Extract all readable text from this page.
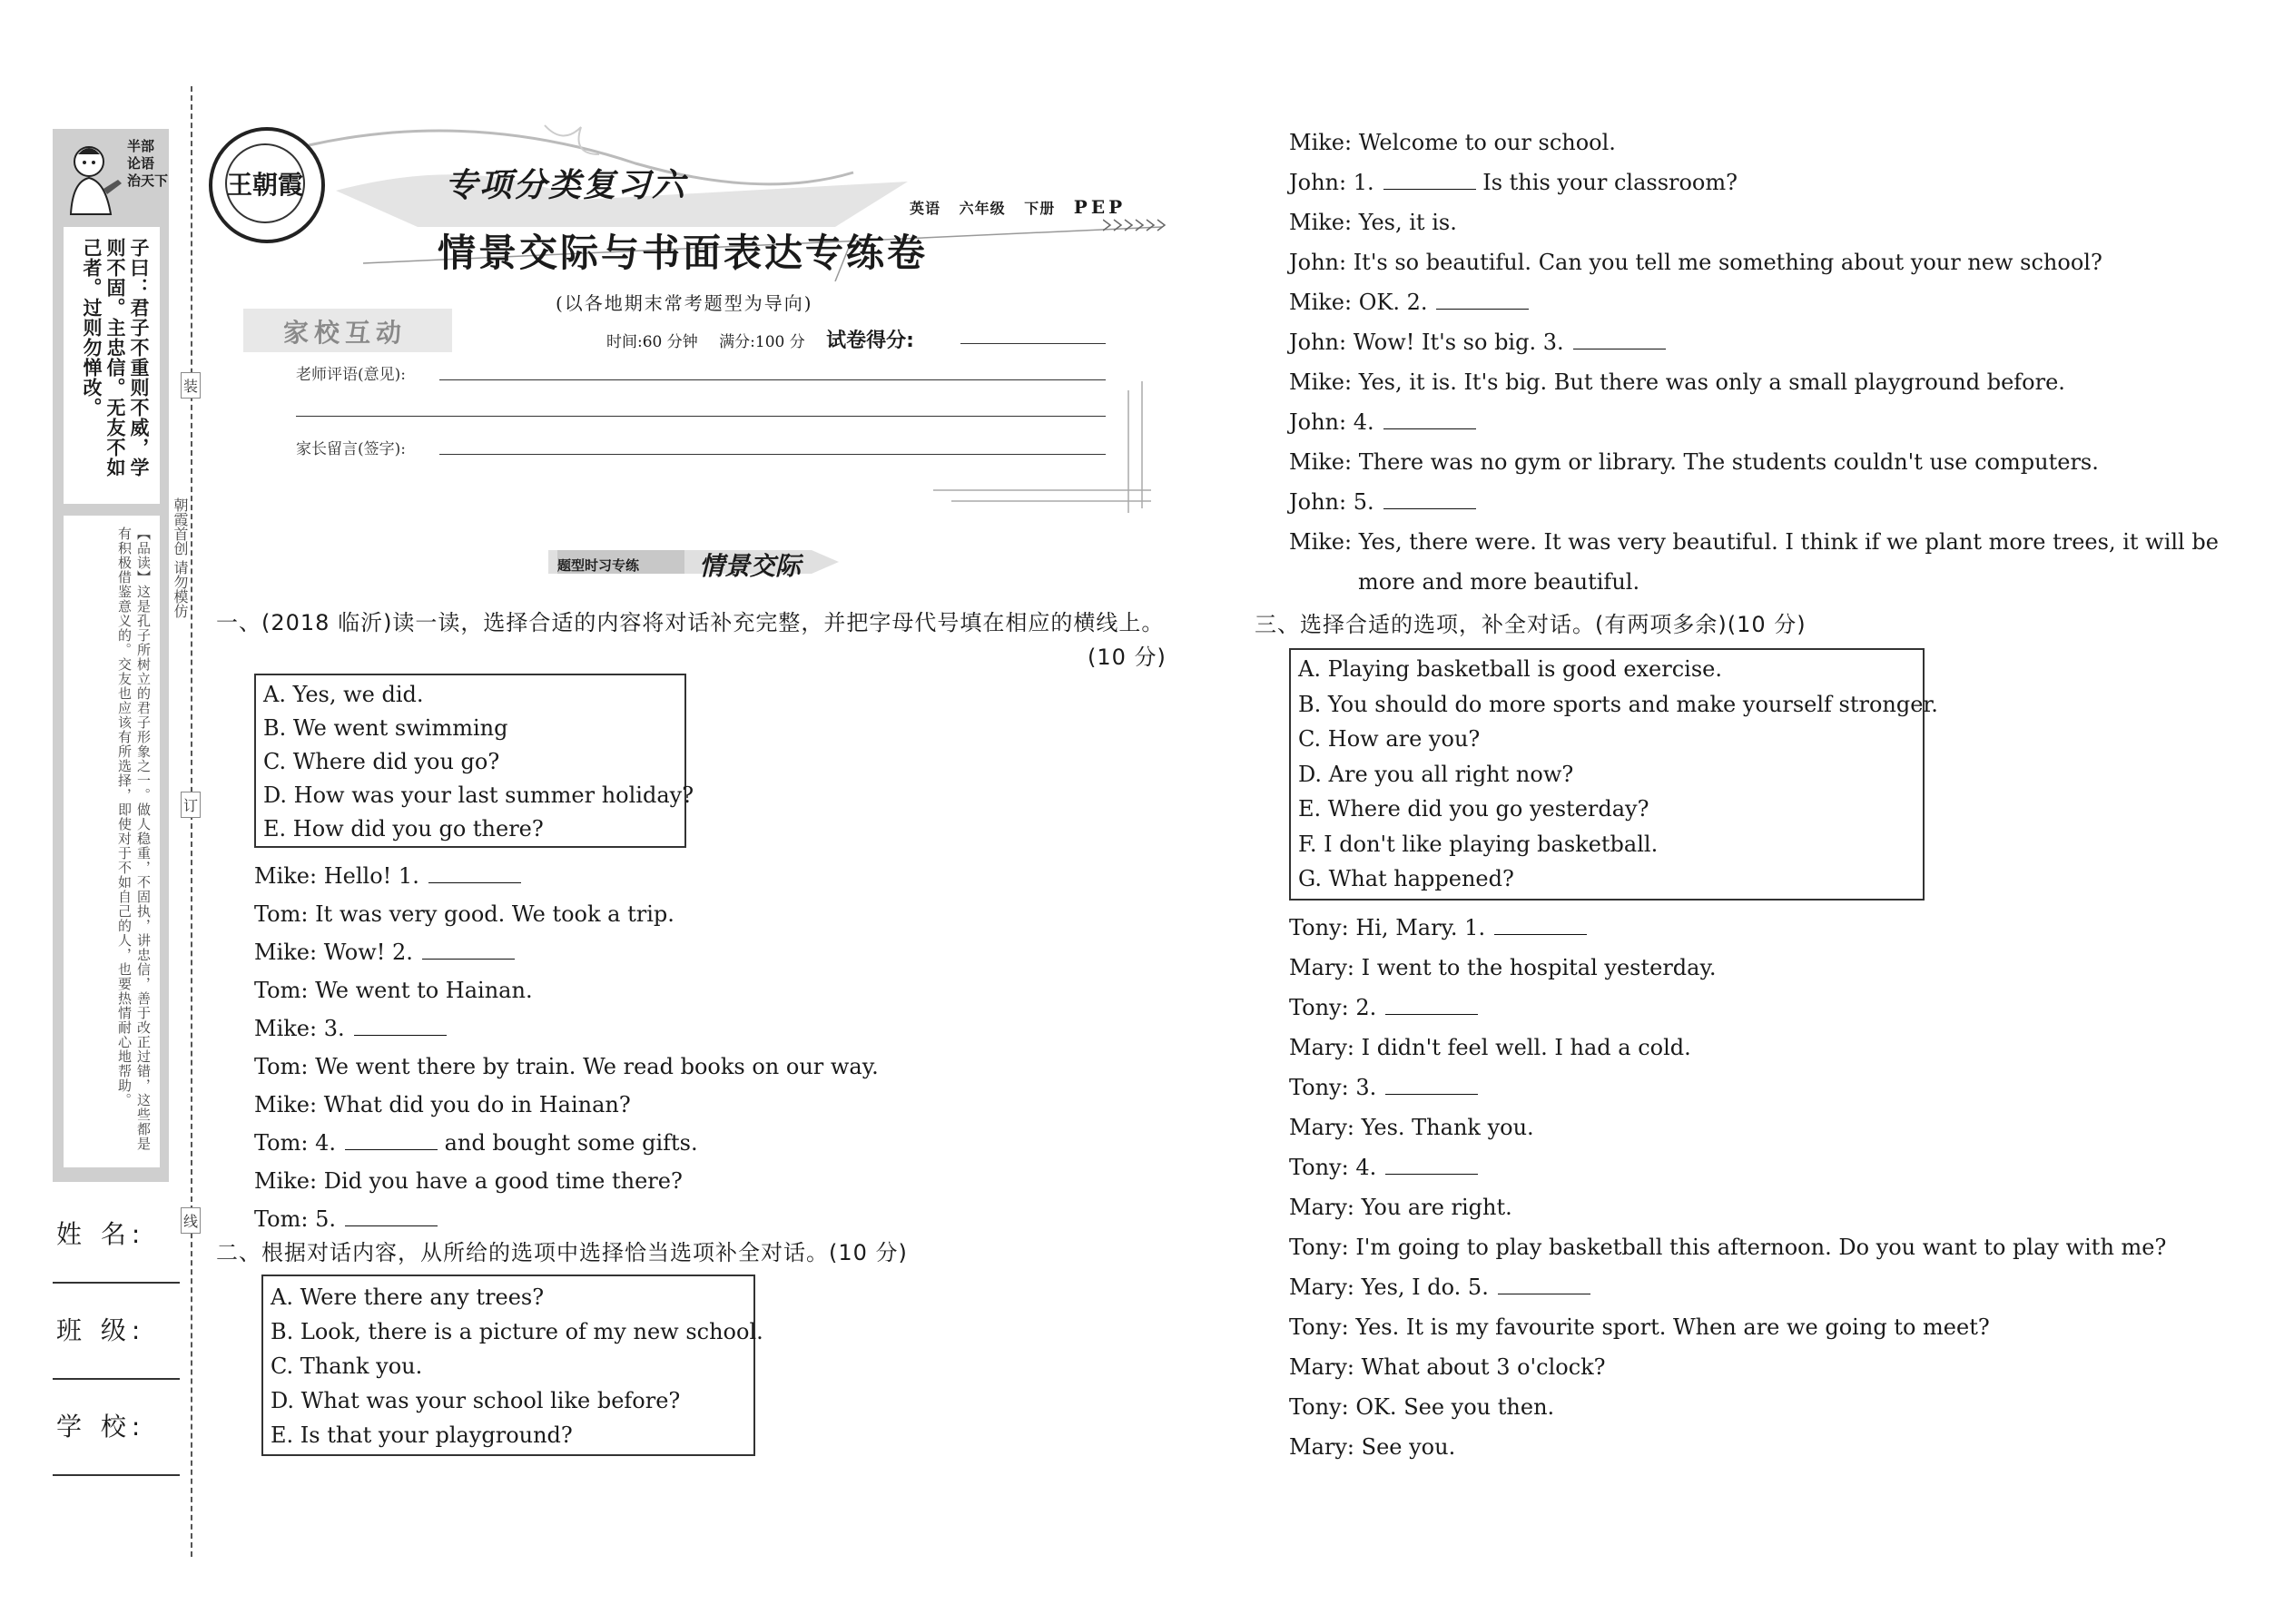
半部
论语
治天下
子曰：君子不重则不威，学则不固。主忠信。无友不如己者。过则勿惮改。
【品读】这是孔子所树立的君子形象之一。做人稳重，不固执，讲忠信，善于改正过错，这些都是有积极借鉴意义的。交友也应该有所选择，即使对于不如自己的人，也要热情耐心地帮助。
姓 名:
班 级:
学 校:
装
订
线
朝霞首创 请勿模仿
王朝霞	专项分类复习六
情景交际与书面表达专练卷
英语 六年级 下册 PEP
(以各地期末常考题型为导向)
家校互动	时间:60 分钟 满分:100 分 试卷得分:
老师评语(意见):
家长留言(签字):
题型时习专练 情景交际
一、(2018 临沂)读一读，选择合适的内容将对话补充完整，并把字母代号填在相应的横线上。
(10 分)
A. Yes, we did.
B. We went swimming
C. Where did you go?
D. How was your last summer holiday?
E. How did you go there?
Mike: Hello! 1.
Tom: It was very good. We took a trip.
Mike: Wow! 2.
Tom: We went to Hainan.
Mike: 3.
Tom: We went there by train. We read books on our way.
Mike: What did you do in Hainan?
Tom: 4.	and bought some gifts.
Mike: Did you have a good time there?
Tom: 5.
二、根据对话内容，从所给的选项中选择恰当选项补全对话。(10 分)
A. Were there any trees?
B. Look, there is a picture of my new school.
C. Thank you.
D. What was your school like before?
E. Is that your playground?
Mike: Welcome to our school.
John: 1.	Is this your classroom?
Mike: Yes, it is.
John: It's so beautiful. Can you tell me something about your new school?
Mike: OK. 2.
John: Wow! It's so big. 3.
Mike: Yes, it is. It's big. But there was only a small playground before.
John: 4.
Mike: There was no gym or library. The students couldn't use computers.
John: 5.
Mike: Yes, there were. It was very beautiful. I think if we plant more trees, it will be
more and more beautiful.
三、选择合适的选项，补全对话。(有两项多余)(10 分)
A. Playing basketball is good exercise.
B. You should do more sports and make yourself stronger.
C. How are you?
D. Are you all right now?
E. Where did you go yesterday?
F. I don't like playing basketball.
G. What happened?
Tony: Hi, Mary. 1.
Mary: I went to the hospital yesterday.
Tony: 2.
Mary: I didn't feel well. I had a cold.
Tony: 3.
Mary: Yes. Thank you.
Tony: 4.
Mary: You are right.
Tony: I'm going to play basketball this afternoon. Do you want to play with me?
Mary: Yes, I do. 5.
Tony: Yes. It is my favourite sport. When are we going to meet?
Mary: What about 3 o'clock?
Tony: OK. See you then.
Mary: See you.
